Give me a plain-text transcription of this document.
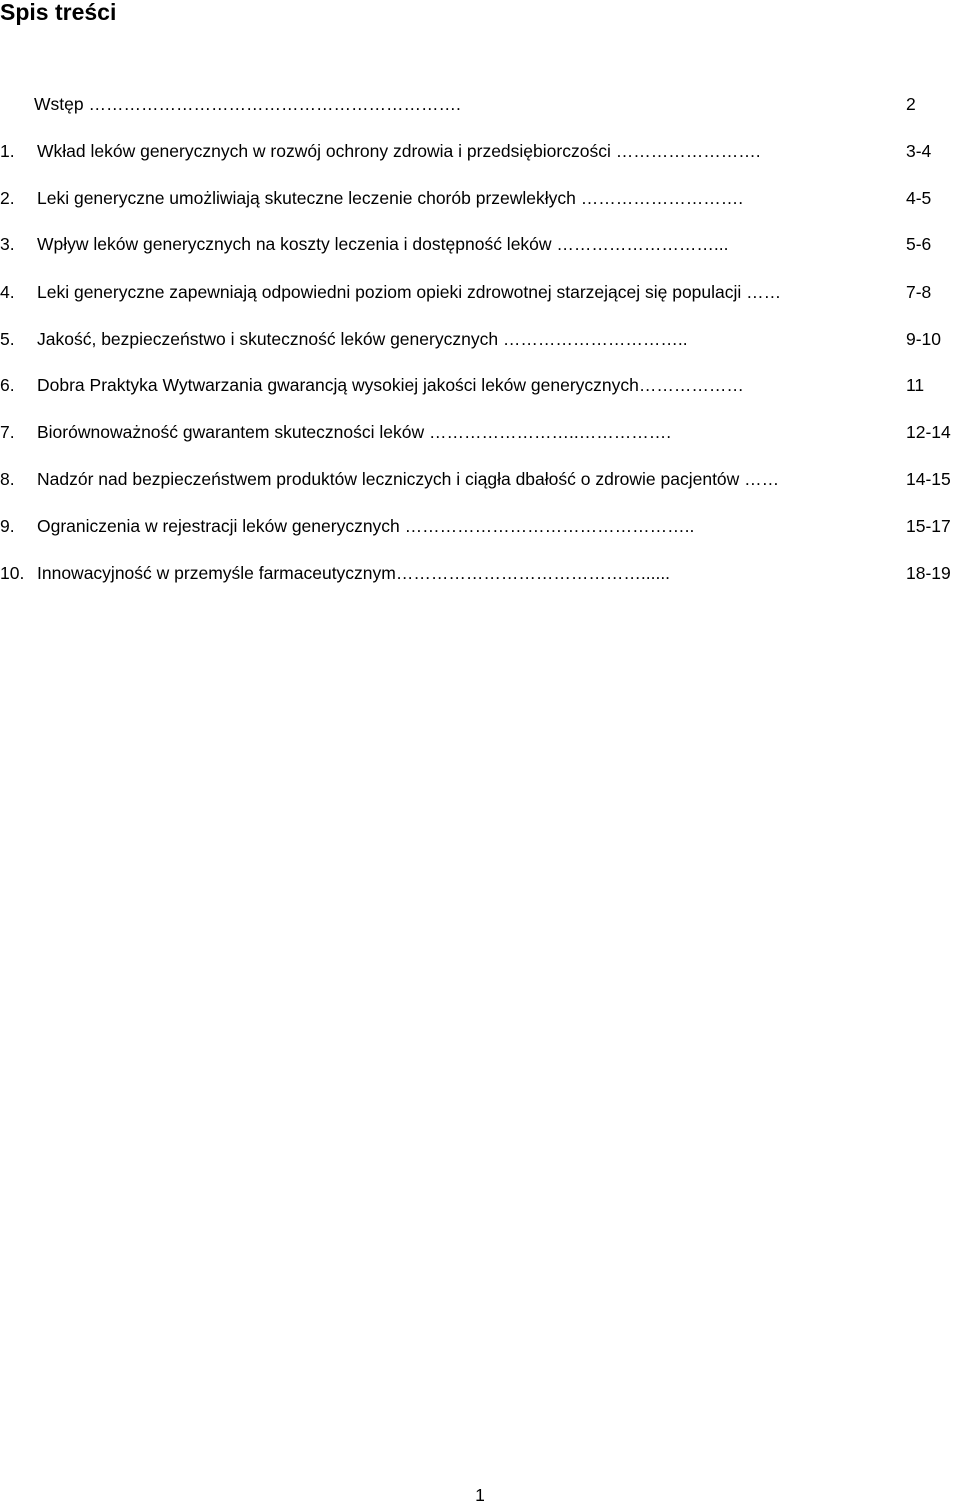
Spis treści
Wstęp ……………………………………………………….	2
1. Wkład leków generycznych w rozwój ochrony zdrowia i przedsiębiorczości …………………….	3-4
2. Leki generyczne umożliwiają skuteczne leczenie chorób przewlekłych ……………………….	4-5
3. Wpływ leków generycznych na koszty leczenia i dostępność leków ………………………...	5-6
4. Leki generyczne zapewniają odpowiedni poziom opieki zdrowotnej starzejącej się populacji ……	7-8
5. Jakość, bezpieczeństwo i skuteczność leków generycznych …………………………..	9-10
6. Dobra Praktyka Wytwarzania gwarancją wysokiej jakości leków generycznych………………	11
7. Biorównoważność gwarantem skuteczności leków ……………………..…………….	12-14
8. Nadzór nad bezpieczeństwem produktów leczniczych i ciągła dbałość o zdrowie pacjentów ……	14-15
9. Ograniczenia w rejestracji leków generycznych …………………………………………..	15-17
10. Innowacyjność w przemyśle farmaceutycznym……………………………………......	18-19
1
